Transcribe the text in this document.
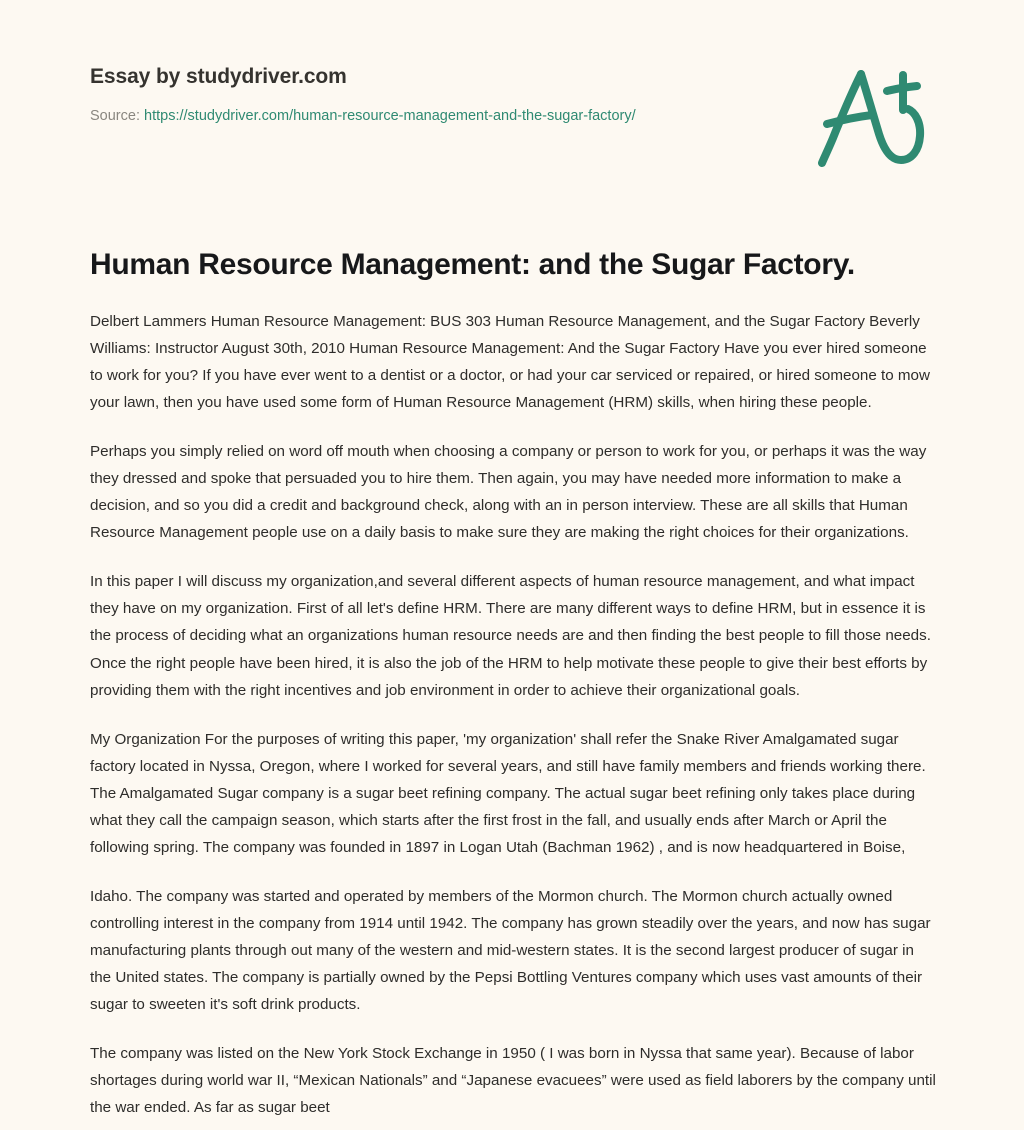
Essay by studydriver.com
Source: https://studydriver.com/human-resource-management-and-the-sugar-factory/
Human Resource Management: and the Sugar Factory.

Delbert Lammers Human Resource Management: BUS 303 Human Resource Management, and the Sugar Factory Beverly Williams: Instructor August 30th, 2010 Human Resource Management: And the Sugar Factory Have you ever hired someone to work for you? If you have ever went to a dentist or a doctor, or had your car serviced or repaired, or hired someone to mow your lawn, then you have used some form of Human Resource Management (HRM) skills, when hiring these people.

Perhaps you simply relied on word off mouth when choosing a company or person to work for you, or perhaps it was the way they dressed and spoke that persuaded you to hire them. Then again, you may have needed more information to make a decision, and so you did a credit and background check, along with an in person interview. These are all skills that Human Resource Management people use on a daily basis to make sure they are making the right choices for their organizations.

In this paper I will discuss my organization,and several different aspects of human resource management, and what impact they have on my organization. First of all let's define HRM. There are many different ways to define HRM, but in essence it is the process of deciding what an organizations human resource needs are and then finding the best people to fill those needs. Once the right people have been hired, it is also the job of the HRM to help motivate these people to give their best efforts by providing them with the right incentives and job environment in order to achieve their organizational goals.

My Organization For the purposes of writing this paper, 'my organization' shall refer the Snake River Amalgamated sugar factory located in Nyssa, Oregon, where I worked for several years, and still have family members and friends working there. The Amalgamated Sugar company is a sugar beet refining company. The actual sugar beet refining only takes place during what they call the campaign season, which starts after the first frost in the fall, and usually ends after March or April the following spring. The company was founded in 1897 in Logan Utah (Bachman 1962) , and is now headquartered in Boise,

Idaho. The company was started and operated by members of the Mormon church. The Mormon church actually owned controlling interest in the company from 1914 until 1942. The company has grown steadily over the years, and now has sugar manufacturing plants through out many of the western and mid-western states. It is the second largest producer of sugar in the United states. The company is partially owned by the Pepsi Bottling Ventures company which uses vast amounts of their sugar to sweeten it's soft drink products.

The company was listed on the New York Stock Exchange in 1950 ( I was born in Nyssa that same year). Because of labor shortages during world war II, “Mexican Nationals” and “Japanese evacuees” were used as field laborers by the company until the war ended. As far as sugar beet
